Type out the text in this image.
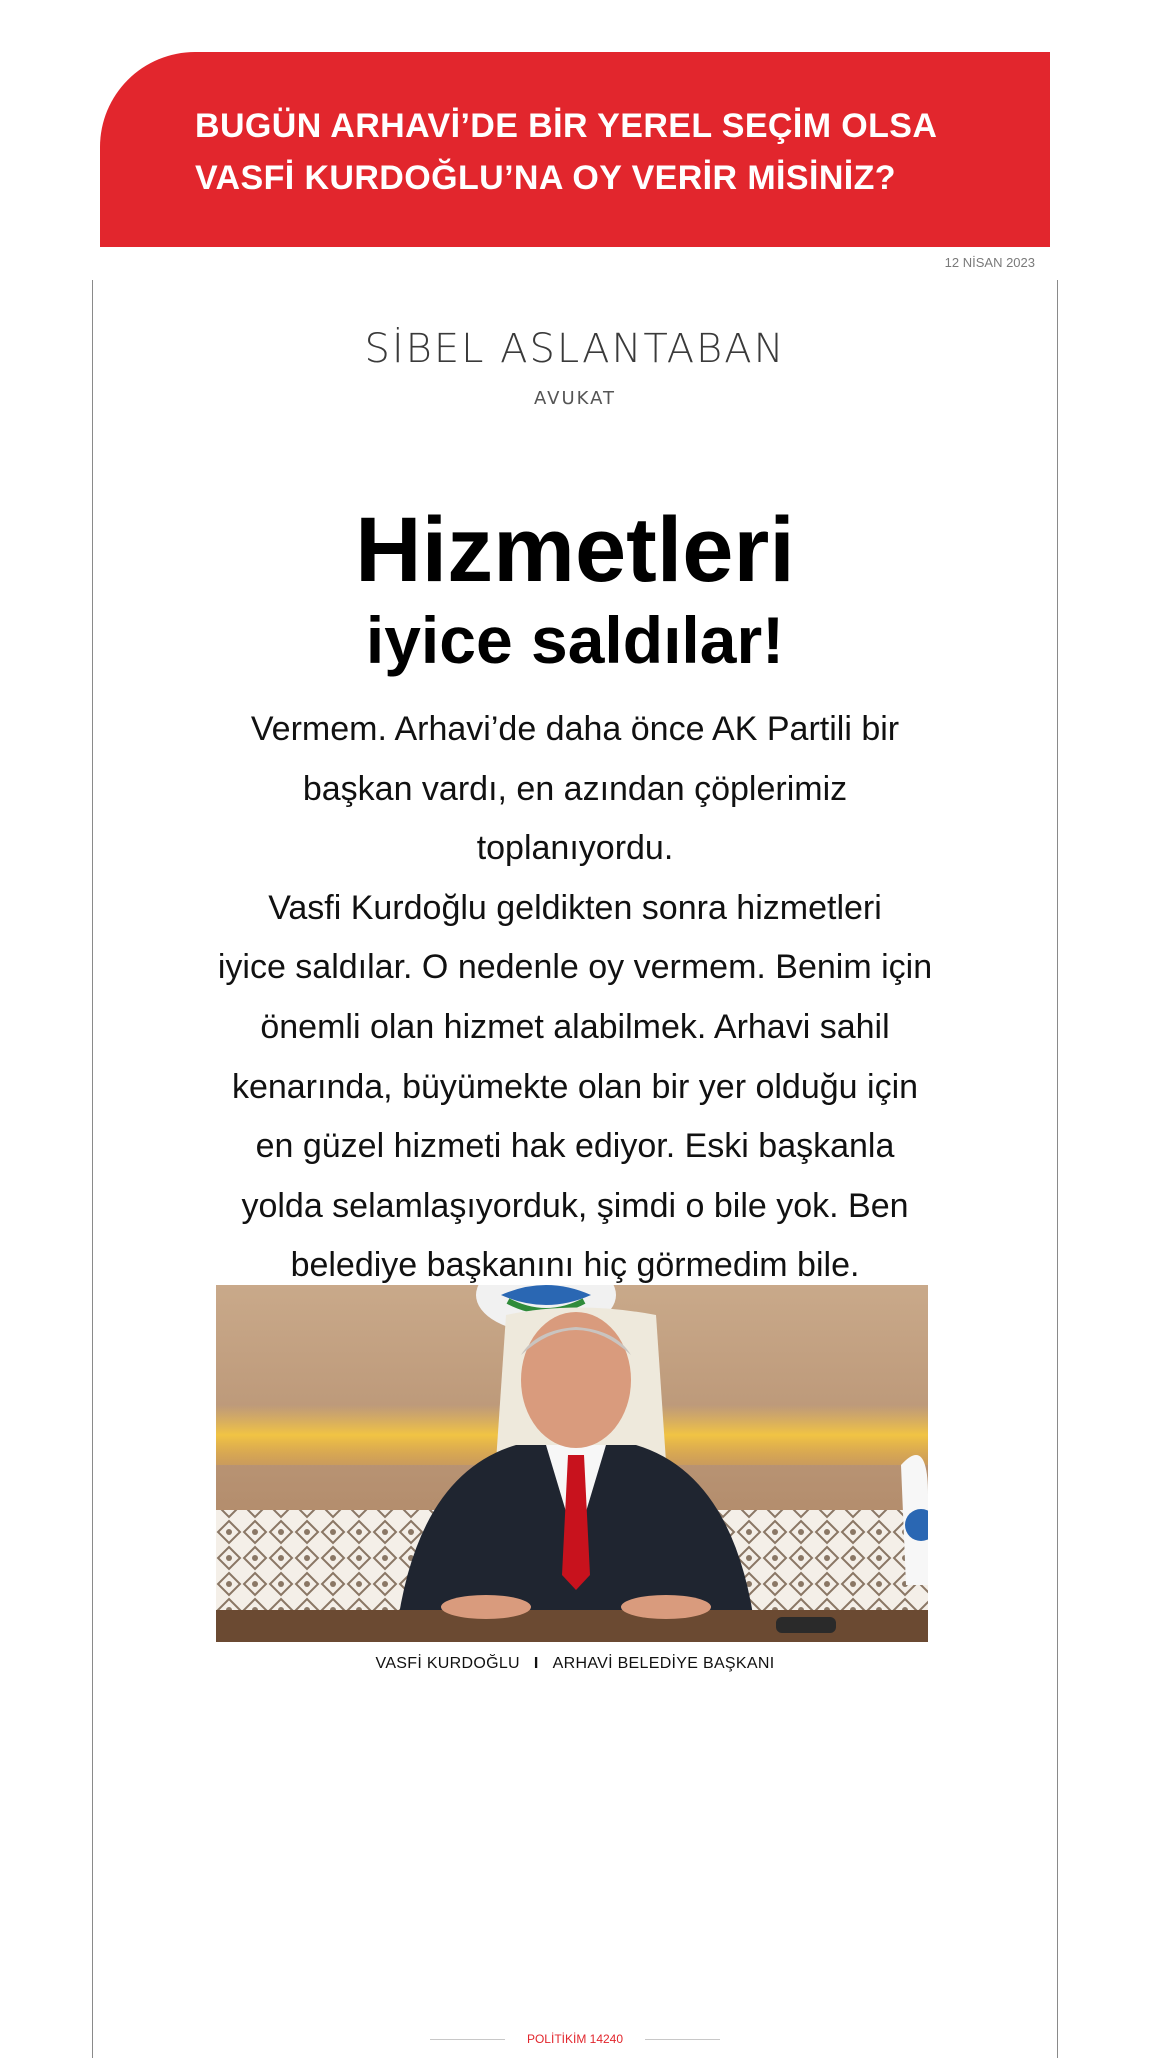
BUGÜN ARHAVİ’DE BİR YEREL SEÇİM OLSA
VASFİ KURDOĞLU’NA OY VERİR MİSİNİZ?
12 NİSAN 2023
SİBEL ASLANTABAN
AVUKAT
Hizmetleri
iyice saldılar!
Vermem. Arhavi’de daha önce AK Partili bir
başkan vardı, en azından çöplerimiz toplanıyordu.
Vasfi Kurdoğlu geldikten sonra hizmetleri
iyice saldılar. O nedenle oy vermem. Benim için
önemli olan hizmet alabilmek. Arhavi sahil
kenarında, büyümekte olan bir yer olduğu için
en güzel hizmeti hak ediyor. Eski başkanla
yolda selamlaşıyorduk, şimdi o bile yok. Ben
belediye başkanını hiç görmedim bile.
VASFİ KURDOĞLU I ARHAVİ BELEDİYE BAŞKANI
POLİTİKİM 14240
